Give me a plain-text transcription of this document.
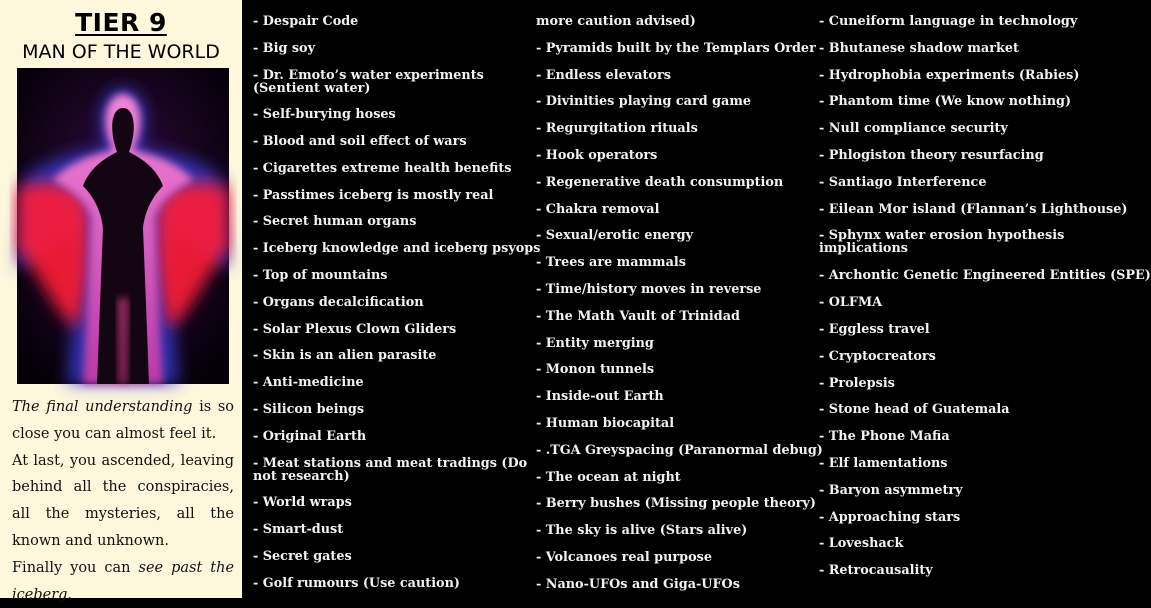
TIER 9
MAN OF THE WORLD

The final understanding is so close you can almost feel it.

At last, you ascended, leaving behind all the conspiracies, all the mysteries, all the known and unknown.

Finally you can see past the iceberg.

- Despair Code
- Big soy
- Dr. Emoto’s water experiments (Sentient water)
- Self-burying hoses
- Blood and soil effect of wars
- Cigarettes extreme health benefits
- Passtimes iceberg is mostly real
- Secret human organs
- Iceberg knowledge and iceberg psyops
- Top of mountains
- Organs decalcification
- Solar Plexus Clown Gliders
- Skin is an alien parasite
- Anti-medicine
- Silicon beings
- Original Earth
- Meat stations and meat tradings (Do not research)
- World wraps
- Smart-dust
- Secret gates
- Golf rumours (Use caution)
more caution advised)
- Pyramids built by the Templars Order
- Endless elevators
- Divinities playing card game
- Regurgitation rituals
- Hook operators
- Regenerative death consumption
- Chakra removal
- Sexual/erotic energy
- Trees are mammals
- Time/history moves in reverse
- The Math Vault of Trinidad
- Entity merging
- Monon tunnels
- Inside-out Earth
- Human biocapital
- .TGA Greyspacing (Paranormal debug)
- The ocean at night
- Berry bushes (Missing people theory)
- The sky is alive (Stars alive)
- Volcanoes real purpose
- Nano-UFOs and Giga-UFOs
- Cuneiform language in technology
- Bhutanese shadow market
- Hydrophobia experiments (Rabies)
- Phantom time (We know nothing)
- Null compliance security
- Phlogiston theory resurfacing
- Santiago Interference
- Eilean Mor island (Flannan’s Lighthouse)
- Sphynx water erosion hypothesis implications
- Archontic Genetic Engineered Entities (SPE)
- OLFMA
- Eggless travel
- Cryptocreators
- Prolepsis
- Stone head of Guatemala
- The Phone Mafia
- Elf lamentations
- Baryon asymmetry
- Approaching stars
- Loveshack
- Retrocausality
